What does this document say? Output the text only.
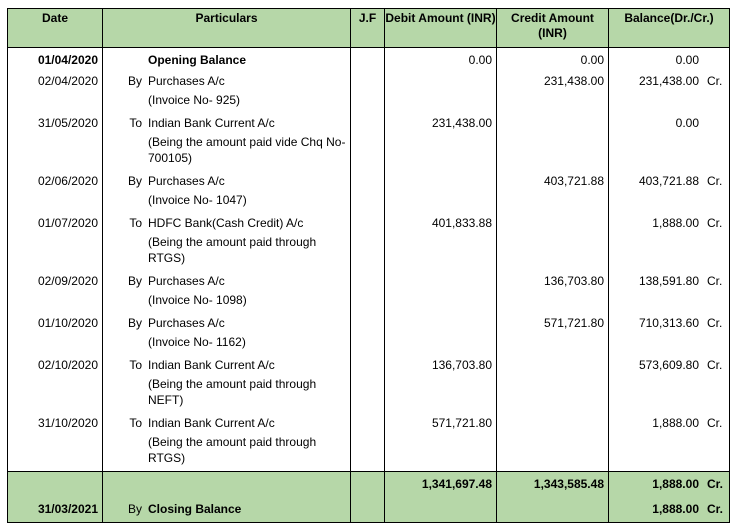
Date	Particulars	J.F	Debit Amount (INR)	Credit Amount (INR)	Balance(Dr./Cr.)
01/04/2020	Opening Balance		0.00	0.00	0.00

02/04/2020	By Purchases A/c			231,438.00	231,438.00 Cr.

	(Invoice No- 925)				

31/05/2020	To Indian Bank Current A/c		231,438.00		0.00

	(Being the amount paid vide Chq No- 700105)				

02/06/2020	By Purchases A/c			403,721.88	403,721.88 Cr.

	(Invoice No- 1047)				

01/07/2020	To HDFC Bank(Cash Credit) A/c		401,833.88		1,888.00 Cr.

	(Being the amount paid through RTGS)				

02/09/2020	By Purchases A/c			136,703.80	138,591.80 Cr.

	(Invoice No- 1098)				

01/10/2020	By Purchases A/c			571,721.80	710,313.60 Cr.

	(Invoice No- 1162)				

02/10/2020	To Indian Bank Current A/c		136,703.80		573,609.80 Cr.

	(Being the amount paid through NEFT)				

31/10/2020	To Indian Bank Current A/c		571,721.80		1,888.00 Cr.

	(Being the amount paid through RTGS)				

			1,341,697.48	1,343,585.48	1,888.00 Cr.

31/03/2021	By Closing Balance				1,888.00 Cr.
